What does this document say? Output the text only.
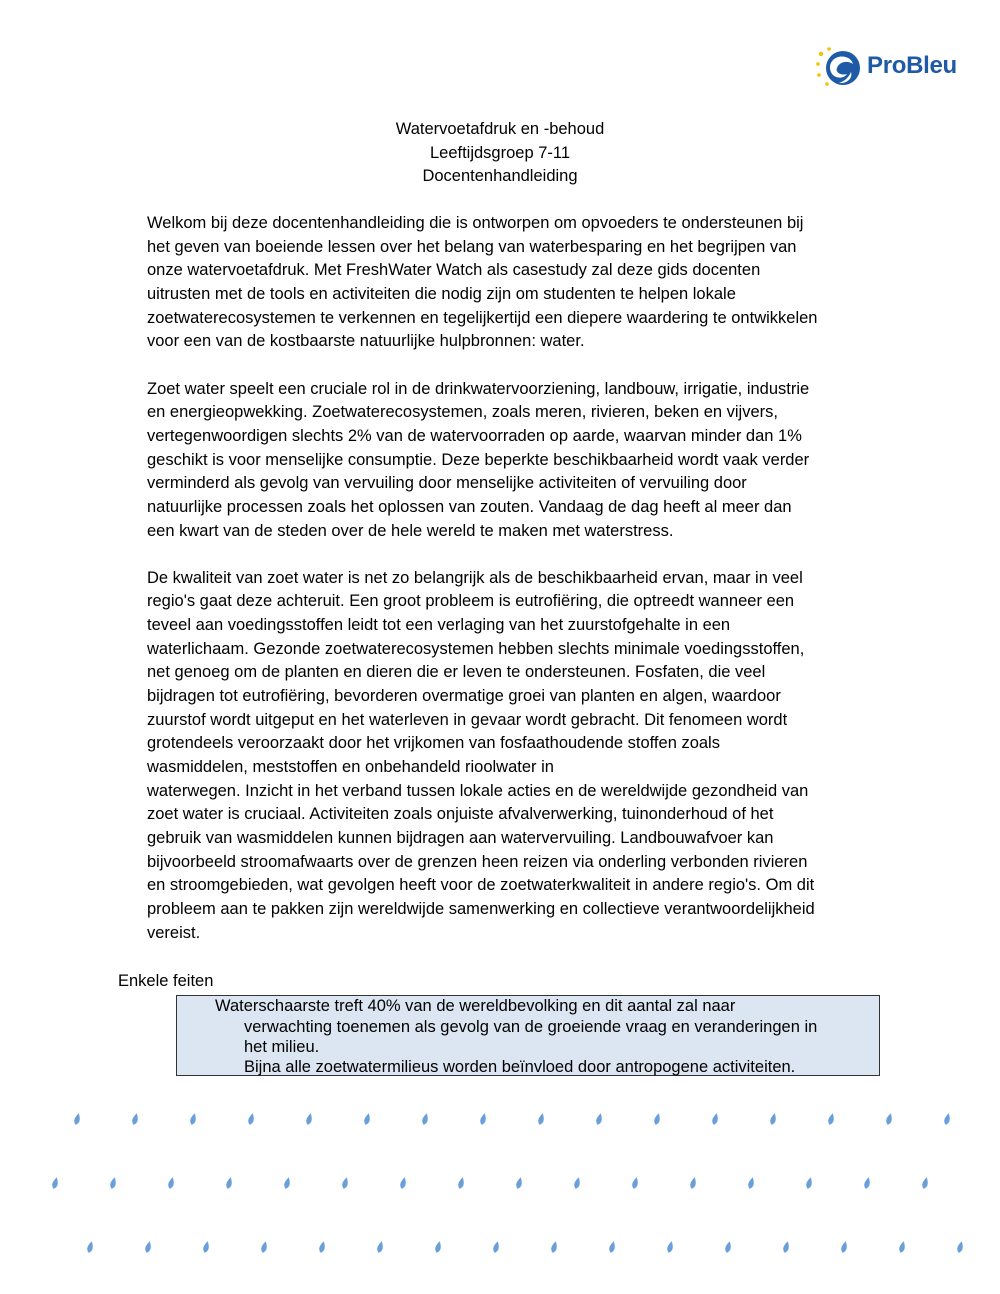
ProBleu
Watervoetafdruk en -behoud
Leeftijdsgroep 7-11
Docentenhandleiding

Welkom bij deze docentenhandleiding die is ontworpen om opvoeders te ondersteunen bij
het geven van boeiende lessen over het belang van waterbesparing en het begrijpen van
onze watervoetafdruk. Met FreshWater Watch als casestudy zal deze gids docenten
uitrusten met de tools en activiteiten die nodig zijn om studenten te helpen lokale
zoetwaterecosystemen te verkennen en tegelijkertijd een diepere waardering te ontwikkelen
voor een van de kostbaarste natuurlijke hulpbronnen: water.

Zoet water speelt een cruciale rol in de drinkwatervoorziening, landbouw, irrigatie, industrie
en energieopwekking. Zoetwaterecosystemen, zoals meren, rivieren, beken en vijvers,
vertegenwoordigen slechts 2% van de watervoorraden op aarde, waarvan minder dan 1%
geschikt is voor menselijke consumptie. Deze beperkte beschikbaarheid wordt vaak verder
verminderd als gevolg van vervuiling door menselijke activiteiten of vervuiling door
natuurlijke processen zoals het oplossen van zouten. Vandaag de dag heeft al meer dan
een kwart van de steden over de hele wereld te maken met waterstress.

De kwaliteit van zoet water is net zo belangrijk als de beschikbaarheid ervan, maar in veel
regio's gaat deze achteruit. Een groot probleem is eutrofiëring, die optreedt wanneer een
teveel aan voedingsstoffen leidt tot een verlaging van het zuurstofgehalte in een
waterlichaam. Gezonde zoetwaterecosystemen hebben slechts minimale voedingsstoffen,
net genoeg om de planten en dieren die er leven te ondersteunen. Fosfaten, die veel
bijdragen tot eutrofiëring, bevorderen overmatige groei van planten en algen, waardoor
zuurstof wordt uitgeput en het waterleven in gevaar wordt gebracht. Dit fenomeen wordt
grotendeels veroorzaakt door het vrijkomen van fosfaathoudende stoffen zoals
wasmiddelen, meststoffen en onbehandeld rioolwater in
waterwegen. Inzicht in het verband tussen lokale acties en de wereldwijde gezondheid van
zoet water is cruciaal. Activiteiten zoals onjuiste afvalverwerking, tuinonderhoud of het
gebruik van wasmiddelen kunnen bijdragen aan watervervuiling. Landbouwafvoer kan
bijvoorbeeld stroomafwaarts over de grenzen heen reizen via onderling verbonden rivieren
en stroomgebieden, wat gevolgen heeft voor de zoetwaterkwaliteit in andere regio's. Om dit
probleem aan te pakken zijn wereldwijde samenwerking en collectieve verantwoordelijkheid
vereist.

Enkele feiten
Waterschaarste treft 40% van de wereldbevolking en dit aantal zal naar
verwachting toenemen als gevolg van de groeiende vraag en veranderingen in
het milieu.
Bijna alle zoetwatermilieus worden beïnvloed door antropogene activiteiten.
